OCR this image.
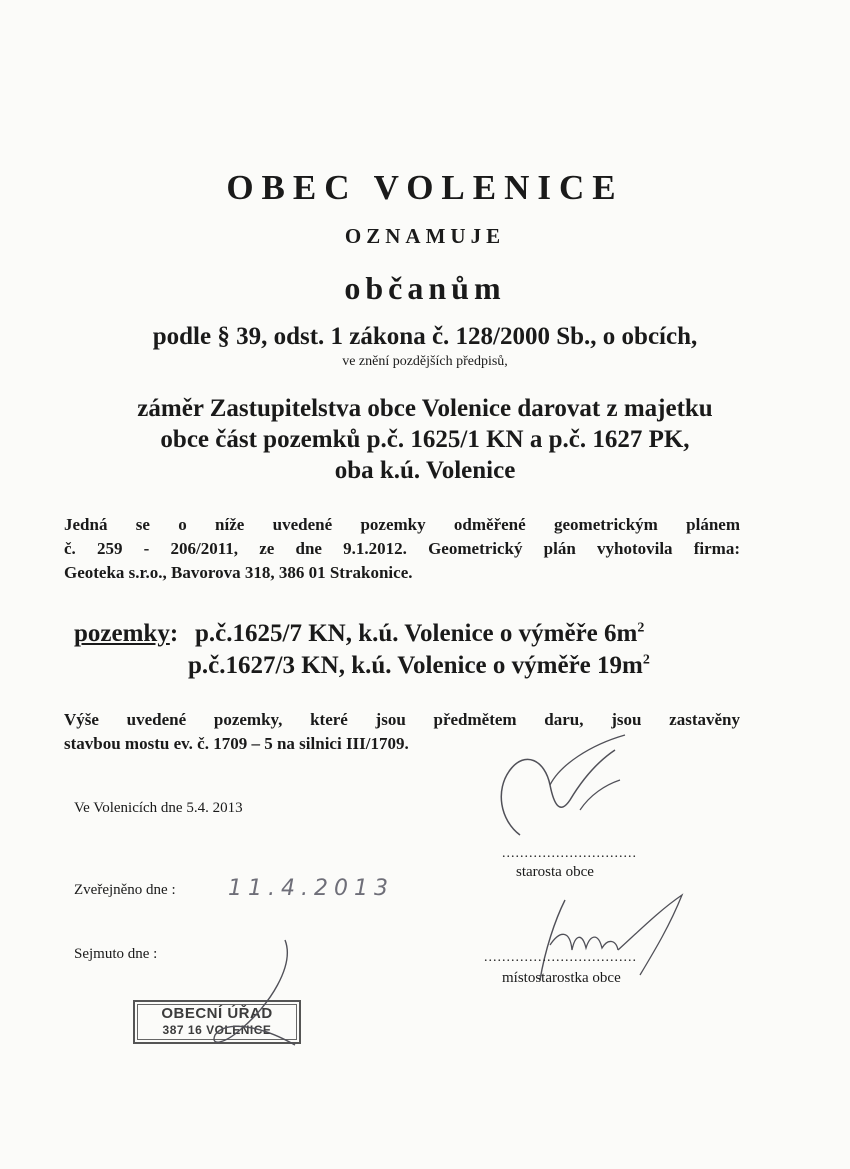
OBEC VOLENICE
OZNAMUJE
občanům
podle § 39, odst. 1 zákona č. 128/2000 Sb., o obcích,
ve znění pozdějších předpisů,
záměr Zastupitelstva obce Volenice darovat z majetku
obce část pozemků p.č. 1625/1 KN a p.č. 1627 PK,
oba k.ú. Volenice
Jedná se o níže uvedené pozemky odměřené geometrickým plánem
č. 259 - 206/2011, ze dne 9.1.2012. Geometrický plán vyhotovila firma:
Geoteka s.r.o., Bavorova 318, 386 01 Strakonice.
pozemky: p.č.1625/7 KN, k.ú. Volenice o výměře $6m^2$
p.č.1627/3 KN, k.ú. Volenice o výměře $19m^2$
Výše uvedené pozemky, které jsou předmětem daru, jsou zastavěny
stavbou mostu ev. č. 1709 – 5 na silnici III/1709.
Ve Volenicích dne 5.4. 2013
..............................
starosta obce
Zveřejněno dne : 11.4.2013
Sejmuto dne :	..................................
místostarostka obce
OBECNÍ ÚŘAD
387 16 VOLENICE
